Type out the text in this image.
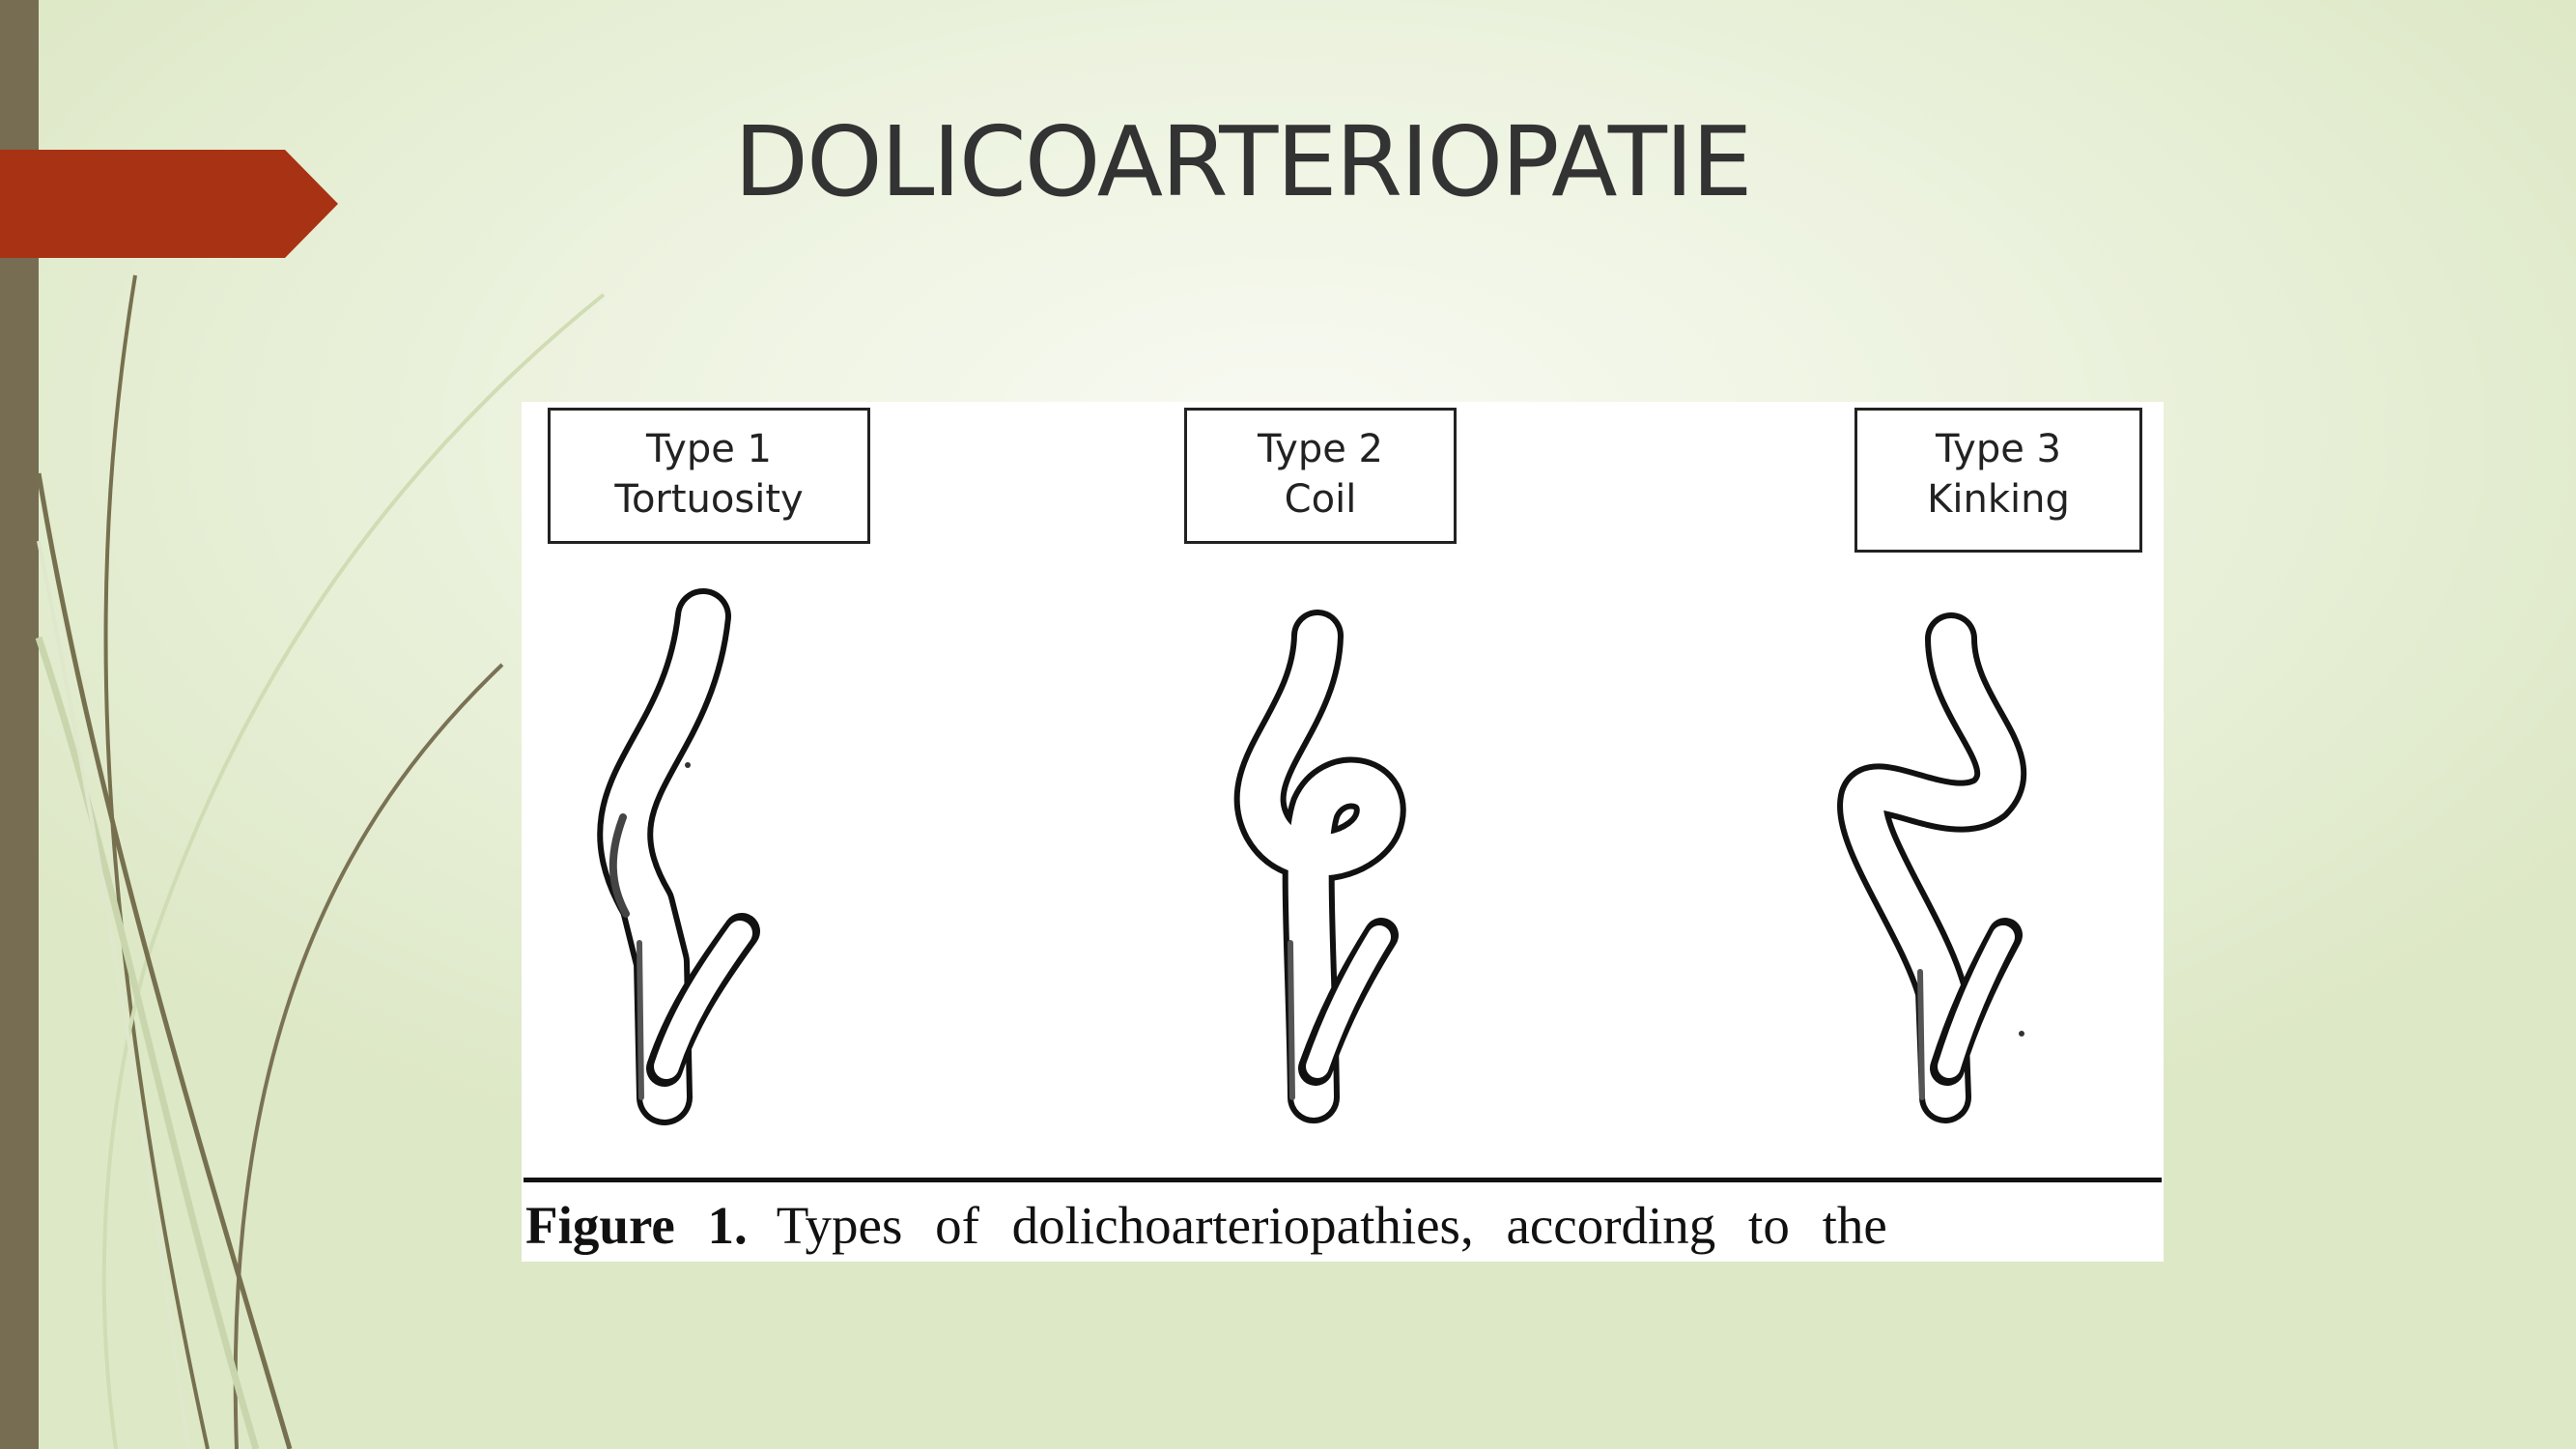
DOLICOARTERIOPATIE
Type 1
Tortuosity
Type 2
Coil
Type 3
Kinking
Figure 1. Types of dolichoarteriopathies, according to the
